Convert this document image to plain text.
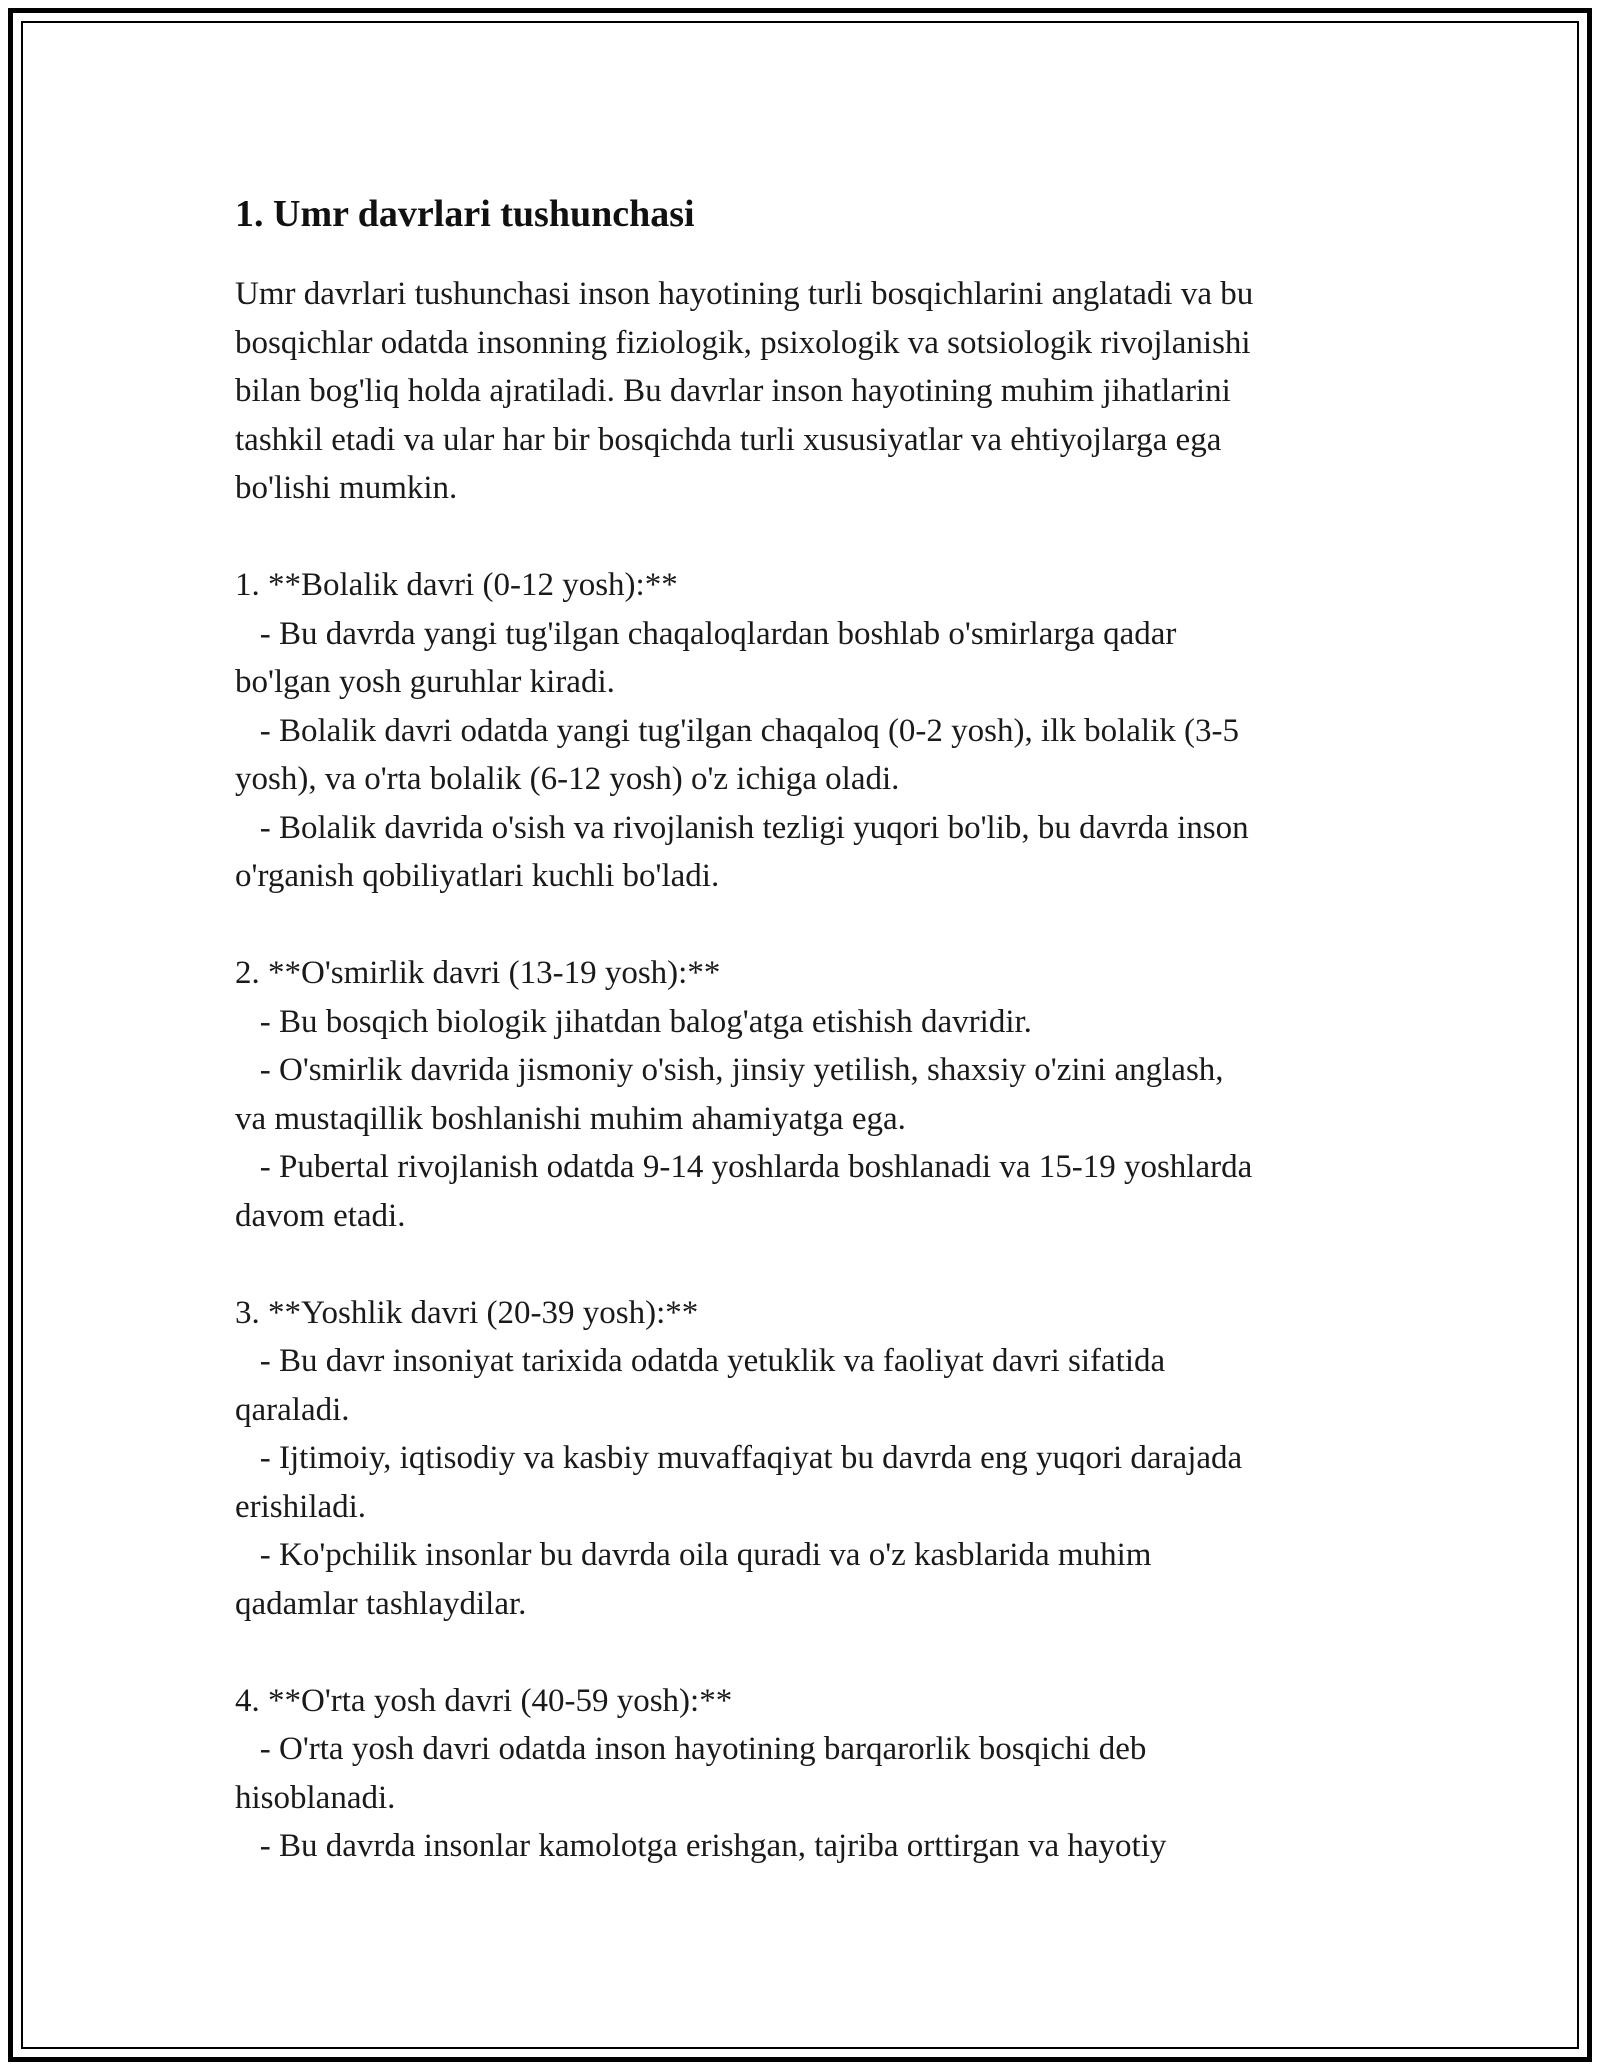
1. Umr davrlari tushunchasi

Umr davrlari tushunchasi inson hayotining turli bosqichlarini anglatadi va bu
bosqichlar odatda insonning fiziologik, psixologik va sotsiologik rivojlanishi
bilan bog'liq holda ajratiladi. Bu davrlar inson hayotining muhim jihatlarini
tashkil etadi va ular har bir bosqichda turli xususiyatlar va ehtiyojlarga ega
bo'lishi mumkin.

1. **Bolalik davri (0-12 yosh):**
- Bu davrda yangi tug'ilgan chaqaloqlardan boshlab o'smirlarga qadar
bo'lgan yosh guruhlar kiradi.
- Bolalik davri odatda yangi tug'ilgan chaqaloq (0-2 yosh), ilk bolalik (3-5
yosh), va o'rta bolalik (6-12 yosh) o'z ichiga oladi.
- Bolalik davrida o'sish va rivojlanish tezligi yuqori bo'lib, bu davrda inson
o'rganish qobiliyatlari kuchli bo'ladi.

2. **O'smirlik davri (13-19 yosh):**
- Bu bosqich biologik jihatdan balog'atga etishish davridir.
- O'smirlik davrida jismoniy o'sish, jinsiy yetilish, shaxsiy o'zini anglash,
va mustaqillik boshlanishi muhim ahamiyatga ega.
- Pubertal rivojlanish odatda 9-14 yoshlarda boshlanadi va 15-19 yoshlarda
davom etadi.

3. **Yoshlik davri (20-39 yosh):**
- Bu davr insoniyat tarixida odatda yetuklik va faoliyat davri sifatida
qaraladi.
- Ijtimoiy, iqtisodiy va kasbiy muvaffaqiyat bu davrda eng yuqori darajada
erishiladi.
- Ko'pchilik insonlar bu davrda oila quradi va o'z kasblarida muhim
qadamlar tashlaydilar.

4. **O'rta yosh davri (40-59 yosh):**
- O'rta yosh davri odatda inson hayotining barqarorlik bosqichi deb
hisoblanadi.
- Bu davrda insonlar kamolotga erishgan, tajriba orttirgan va hayotiy
